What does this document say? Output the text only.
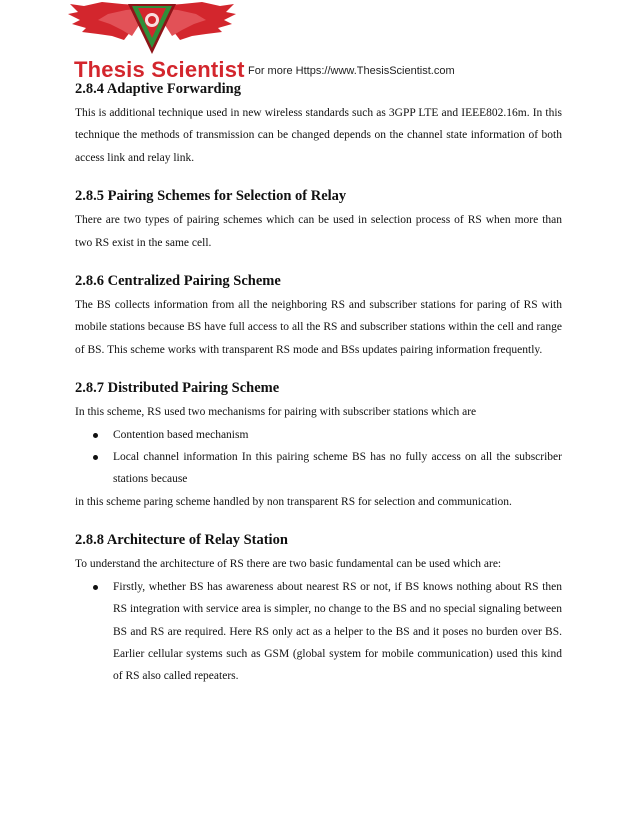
Thesis Scientist For more Https://www.ThesisScientist.com
2.8.4 Adaptive Forwarding

This is additional technique used in new wireless standards such as 3GPP LTE and IEEE802.16m. In this technique the methods of transmission can be changed depends on the channel state information of both access link and relay link.

2.8.5 Pairing Schemes for Selection of Relay

There are two types of pairing schemes which can be used in selection process of RS when more than two RS exist in the same cell.

2.8.6 Centralized Pairing Scheme

The BS collects information from all the neighboring RS and subscriber stations for paring of RS with mobile stations because BS have full access to all the RS and subscriber stations within the cell and range of BS. This scheme works with transparent RS mode and BSs updates pairing information frequently.

2.8.7 Distributed Pairing Scheme

In this scheme, RS used two mechanisms for pairing with subscriber stations which are

Contention based mechanism
Local channel information In this pairing scheme BS has no fully access on all the subscriber stations because

in this scheme paring scheme handled by non transparent RS for selection and communication.

2.8.8 Architecture of Relay Station

To understand the architecture of RS there are two basic fundamental can be used which are:

Firstly, whether BS has awareness about nearest RS or not, if BS knows nothing about RS then RS integration with service area is simpler, no change to the BS and no special signaling between BS and RS are required. Here RS only act as a helper to the BS and it poses no burden over BS. Earlier cellular systems such as GSM (global system for mobile communication) used this kind of RS also called repeaters.
